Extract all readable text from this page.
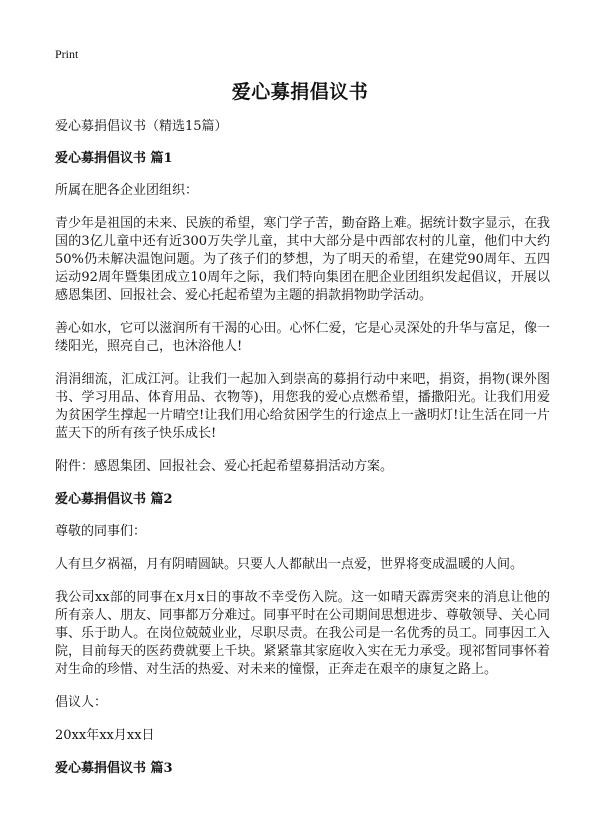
Print
爱心募捐倡议书

爱心募捐倡议书（精选15篇）

爱心募捐倡议书 篇1

所属在肥各企业团组织：

青少年是祖国的未来、民族的希望，寒门学子苦，勤奋路上难。据统计数字显示，在我国的3亿儿童中还有近300万失学儿童，其中大部分是中西部农村的儿童，他们中大约50%仍未解决温饱问题。为了孩子们的梦想，为了明天的希望，在建党90周年、五四运动92周年暨集团成立10周年之际，我们特向集团在肥企业团组织发起倡议，开展以感恩集团、回报社会、爱心托起希望为主题的捐款捐物助学活动。

善心如水，它可以滋润所有干渴的心田。心怀仁爱，它是心灵深处的升华与富足，像一缕阳光，照亮自己，也沐浴他人!

涓涓细流，汇成江河。让我们一起加入到崇高的募捐行动中来吧，捐资，捐物(课外图书、学习用品、体育用品、衣物等)，用您我的爱心点燃希望，播撒阳光。让我们用爱为贫困学生撑起一片晴空!让我们用心给贫困学生的行途点上一盏明灯!让生活在同一片蓝天下的所有孩子快乐成长!

附件：感恩集团、回报社会、爱心托起希望募捐活动方案。

爱心募捐倡议书 篇2

尊敬的同事们：

人有旦夕祸福，月有阴晴圆缺。只要人人都献出一点爱，世界将变成温暖的人间。

我公司xx部的同事在x月x日的事故不幸受伤入院。这一如晴天霹雳突来的消息让他的所有亲人、朋友、同事都万分难过。同事平时在公司期间思想进步、尊敬领导、关心同事、乐于助人。在岗位兢兢业业，尽职尽责。在我公司是一名优秀的员工。同事因工入院，目前每天的医药费就要上千块。紧紧靠其家庭收入实在无力承受。现祁皙同事怀着对生命的珍惜、对生活的热爱、对未来的憧憬，正奔走在艰辛的康复之路上。

倡议人：

20xx年xx月xx日

爱心募捐倡议书 篇3
